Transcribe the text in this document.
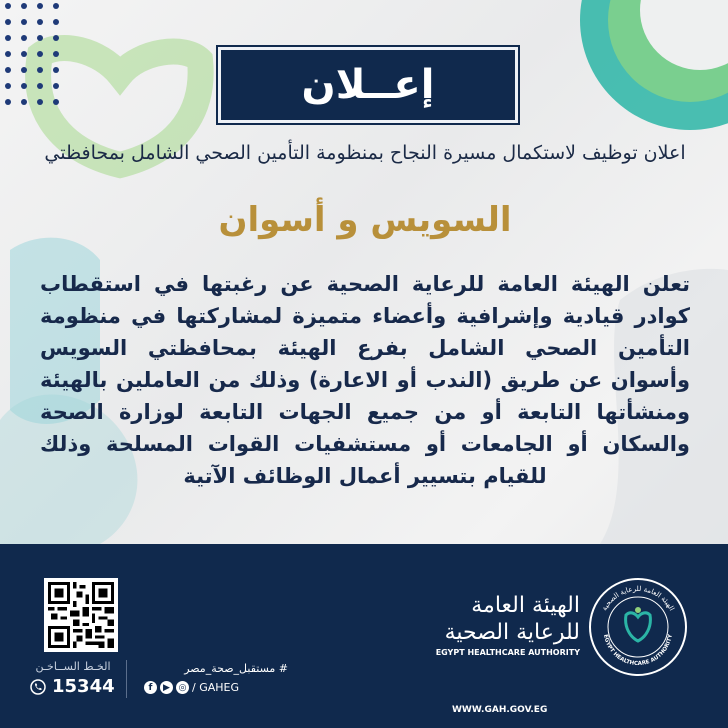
إعــلان
اعلان توظيف لاستكمال مسيرة النجاح بمنظومة التأمين الصحي الشامل بمحافظتي
السويس و أسوان
تعلن الهيئة العامة للرعاية الصحية عن رغبتها في استقطاب كوادر قيادية وإشرافية وأعضاء متميزة لمشاركتها في منظومة التأمين الصحي الشامل بفرع الهيئة بمحافظتي السويس وأسوان عن طريق (الندب أو الاعارة) وذلك من العاملين بالهيئة ومنشأتها التابعة أو من جميع الجهات التابعة لوزارة الصحة والسكان أو الجامعات أو مستشفيات القوات المسلحة وذلك للقيام بتسيير أعمال الوظائف الآتية
الخـط الســاخـن
15344
# مستقبل_صحة_مصر
f	▶ ◎ / GAHEG
الهيئة العامة
للرعاية الصحية
EGYPT HEALTHCARE AUTHORITY
WWW.GAH.GOV.EG
الهيئة العامة للرعاية الصحية
EGYPT HEALTHCARE AUTHORITY
